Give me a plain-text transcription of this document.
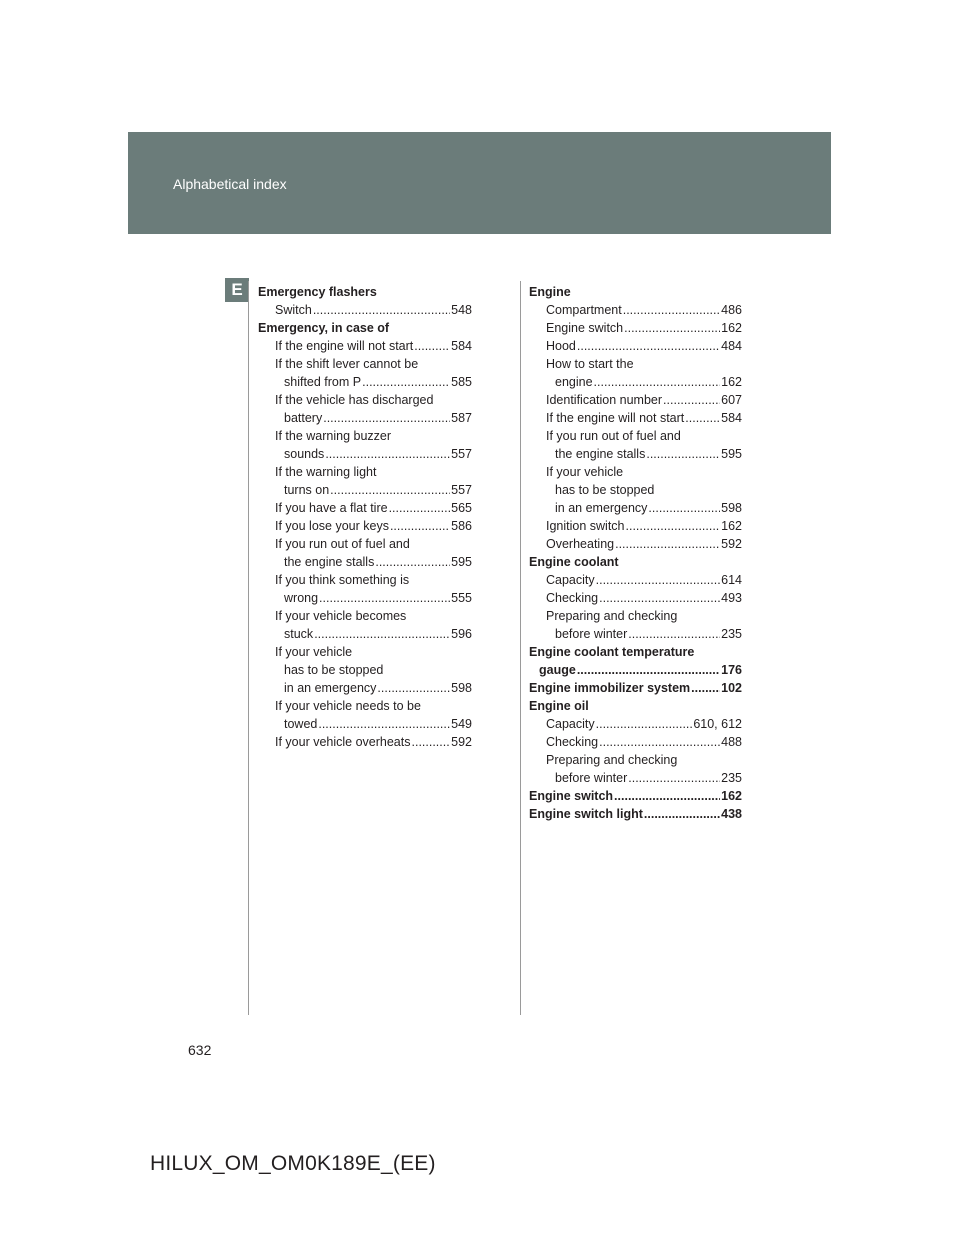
Alphabetical index
E	Emergency flashers
Switch .....	548
Emergency, in case of
If the engine will not start .....	584
If the shift lever cannot be
shifted from P .....	585
If the vehicle has discharged
battery .....	587
If the warning buzzer
sounds .....	557
If the warning light
turns on .....	557
If you have a flat tire .....	565
If you lose your keys .....	586
If you run out of fuel and
the engine stalls .....	595
If you think something is
wrong .....	555
If your vehicle becomes
stuck .....	596
If your vehicle
has to be stopped
in an emergency .....	598
If your vehicle needs to be
towed .....	549
If your vehicle overheats .....	592
Engine
Compartment .....	486
Engine switch .....	162
Hood .....	484
How to start the
engine .....	162
Identification number .....	607
If the engine will not start .....	584
If you run out of fuel and
the engine stalls .....	595
If your vehicle
has to be stopped
in an emergency .....	598
Ignition switch .....	162
Overheating .....	592
Engine coolant
Capacity .....	614
Checking .....	493
Preparing and checking
before winter .....	235
Engine coolant temperature
gauge .....	176
Engine immobilizer system ..... 102
Engine oil
Capacity .....	610, 612
Checking .....	488
Preparing and checking
before winter .....	235
Engine switch .....	162
Engine switch light .....	438
632
HILUX_OM_OM0K189E_(EE)
